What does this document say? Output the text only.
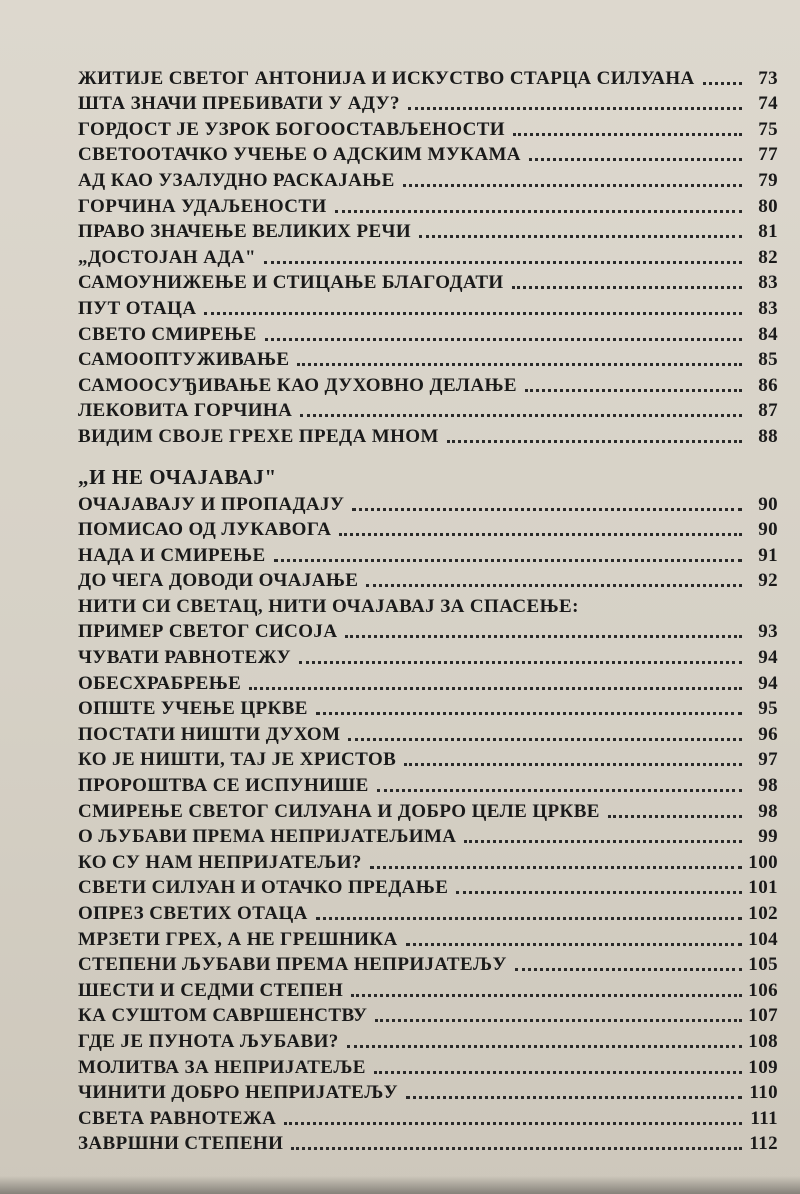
ЖИТИЈЕ СВЕТОГ АНТОНИЈА И ИСКУСТВО СТАРЦА СИЛУАНА	73
ШТА ЗНАЧИ ПРЕБИВАТИ У АДУ?	74
ГОРДОСТ ЈЕ УЗРОК БОГООСТАВЉЕНОСТИ	75
СВЕТООТАЧКО УЧЕЊЕ О АДСКИМ МУКАМА	77
АД КАО УЗАЛУДНО РАСКАЈАЊЕ	79
ГОРЧИНА УДАЉЕНОСТИ	80
ПРАВО ЗНАЧЕЊЕ ВЕЛИКИХ РЕЧИ	81
„ДОСТОЈАН АДА"	82
САМОУНИЖЕЊЕ И СТИЦАЊЕ БЛАГОДАТИ	83
ПУТ ОТАЦА	83
СВЕТО СМИРЕЊЕ	84
САМООПТУЖИВАЊЕ	85
САМООСУЂИВАЊЕ КАО ДУХОВНО ДЕЛАЊЕ	86
ЛЕКОВИТА ГОРЧИНА	87
ВИДИМ СВОЈЕ ГРЕХЕ ПРЕДА МНОМ	88
„И НЕ ОЧАЈАВАЈ"
ОЧАЈАВАЈУ И ПРОПАДАЈУ	90
ПОМИСАО ОД ЛУКАВОГА	90
НАДА И СМИРЕЊЕ	91
ДО ЧЕГА ДОВОДИ ОЧАЈАЊЕ	92
НИТИ СИ СВЕТАЦ, НИТИ ОЧАЈАВАЈ ЗА СПАСЕЊЕ:
ПРИМЕР СВЕТОГ СИСОЈА	93
ЧУВАТИ РАВНОТЕЖУ	94
ОБЕСХРАБРЕЊЕ	94
ОПШТЕ УЧЕЊЕ ЦРКВЕ	95
ПОСТАТИ НИШТИ ДУХОМ	96
КО ЈЕ НИШТИ, ТАЈ ЈЕ ХРИСТОВ	97
ПРОРОШТВА СЕ ИСПУНИШЕ	98
СМИРЕЊЕ СВЕТОГ СИЛУАНА И ДОБРО ЦЕЛЕ ЦРКВЕ	98
О ЉУБАВИ ПРЕМА НЕПРИЈАТЕЉИМА	99
КО СУ НАМ НЕПРИЈАТЕЉИ?	100
СВЕТИ СИЛУАН И ОТАЧКО ПРЕДАЊЕ	101
ОПРЕЗ СВЕТИХ ОТАЦА	102
МРЗЕТИ ГРЕХ, А НЕ ГРЕШНИКА	104
СТЕПЕНИ ЉУБАВИ ПРЕМА НЕПРИЈАТЕЉУ	105
ШЕСТИ И СЕДМИ СТЕПЕН	106
КА СУШТОМ САВРШЕНСТВУ	107
ГДЕ ЈЕ ПУНОТА ЉУБАВИ?	108
МОЛИТВА ЗА НЕПРИЈАТЕЉЕ	109
ЧИНИТИ ДОБРО НЕПРИЈАТЕЉУ	110
СВЕТА РАВНОТЕЖА	111
ЗАВРШНИ СТЕПЕНИ	112
